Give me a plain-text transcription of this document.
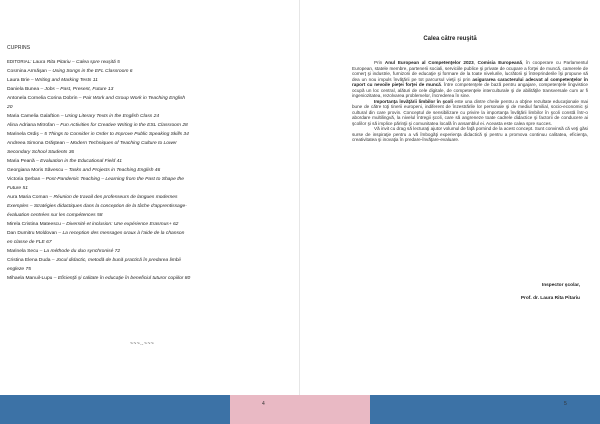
CUPRINS
EDITORIAL: Laura Rita Pitariu – Calea spre reuşită 5
Cosmina Armăşan – Using Songs in the EFL Classroom 6
Laura Brie – Writing and Marking Tests 11
Daniela Bunea – Jobs – Past, Present, Future 13
Antonela Cornelia Corina Dobrin – Pair Work and Group Work in Teaching English
20
Maria Camelia Galaftion – Using Literary Texts in the English Class 24
Alina Adriana Mitrofan – Fun Activities for Creative Writing in the ESL Classroom 28
Marinela Ordiş – 5 Things to Consider in Order to Improve Public Speaking Skills 34
Andreea Simona Orăştean – Modern Techniques of Teaching Culture to Lower
Secondary School Students 36
Maria Peană – Evaluation in the Educational Field 41
Georgiana Moris Săvescu – Tasks and Projects in Teaching English 46
Victoria Şerban – Post-Pandemic Teaching – Learning from the Past to Shape the
Future 51
Aura Maria Coman – Réunion de travail des professeurs de langues modernes
Exemples – Stratégies didactiques dans la conception de la tâche d'apprentissage-
évaluation centrées sur les compétences 58
Mirela Cristina Mateescu – Diversité et inclusion: Une expérience Erasmus+ 62
Dan Dumitru Moldovan – La reception des messages oraux à l'aide de la chanson
en classe de FLE 67
Marinela Secu – La méthode du duo synchronisé 72
Cristina Elena Duda – Jocul didactic, metodă de bună practică în predarea limbii
engleze 75
Mihaela Manuil-Lupu – Eficienţă şi calitate în educaţie în beneficiul tuturor copiilor 80
~~~..~~~
Calea către reuşită

Prin Anul European al Competenţelor 2023, Comisia Europeană, în cooperare cu Parlamentul European, statele membre, partenerii sociali, serviciile publice şi private de ocupare a forţei de muncă, camerele de comerţ şi industrie, furnizorii de educaţie şi formare de la toate nivelurile, lucrătorii şi întreprinderile îşi propune să dea un nou impuls învăţării pe tot parcursul vieţii şi prin asigurarea caracterului adecvat al competenţelor în raport cu nevoile pieţei forţei de muncă. Între competenţele de bază pentru angajare, competenţele lingvistice ocupă un loc central, alături de cele digitale, de competenţele interculturale şi de abilităţile transversale cum ar fi ingeniozitatea, rezolvarea problemelor, încrederea în sine.

Importanţa învăţării limbilor în şcoli este una dintre cheile pentru a obţine rezultate educaţionale mai bune de către toţi tinerii europeni, indiferent de înzestrările lor personale şi de mediul familial, socio-economic şi cultural din care provin. Conceptul de sensibilizare cu privire la importanţa învăţării limbilor în şcoli constă într-o abordare multilingvă, la nivelul întregii şcoli, care să angreneze toate cadrele didactice şi factorii de conducere ai şcolilor şi să implice părinţii şi comunitatea locală în ansamblul ei. Aceasta este calea spre succes.

Vă invit cu drag să lecturaţi ajutor volumul de faţă pornind de la acest concept. Sunt convinsă că veţi găsi surse de inspiraţie pentru a vă îmbogăţi experienţa didactică şi pentru a promova continuu calitatea, eficienţa, creativitatea şi inovaţia în predare-învăţare-evaluare.

Inspector şcolar,
Prof. dr. Laura Rita Pitariu
4	5
